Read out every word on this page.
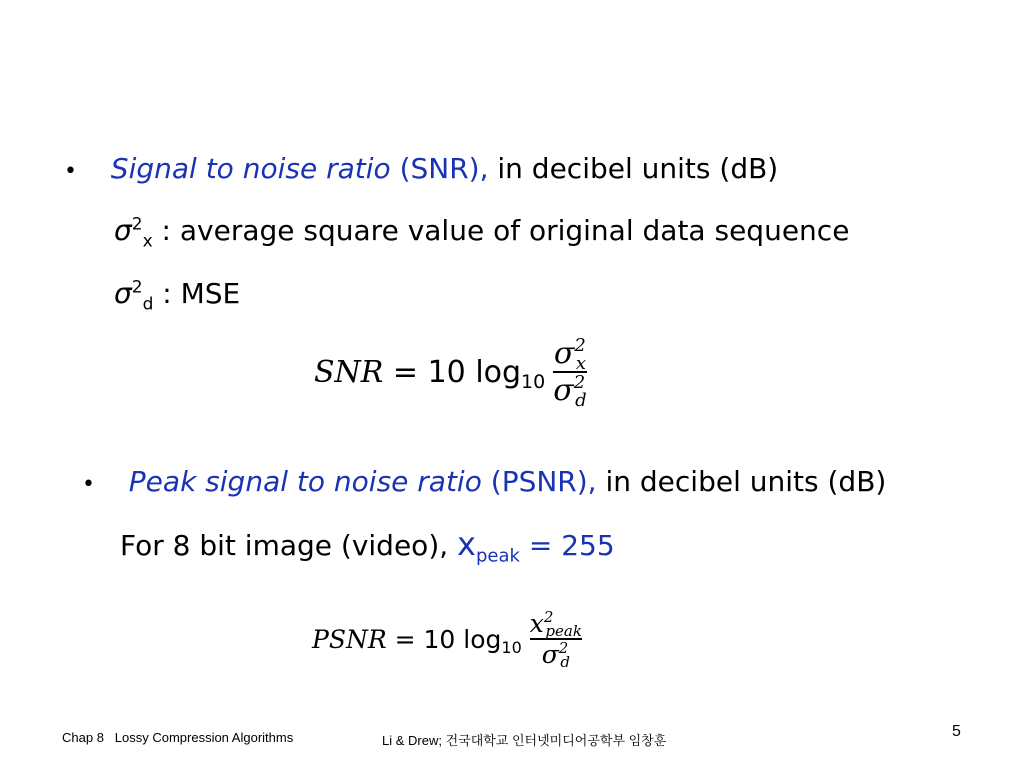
• Signal to noise ratio (SNR), in decibel units (dB)
$\sigma^2_x$ : average square value of original data sequence
$\sigma^2_d$ : MSE
SNR = 10 $\log 10 \frac{\sigma^2_x}{\sigma^2_d}$
• Peak signal to noise ratio (PSNR), in decibel units (dB)
For 8 bit image (video), $x_{peak} = 255$
PSNR = 10 $\log 10 \frac{x^2peak}{\sigma^2d}$
Chap 8   Lossy Compression Algorithms	Li & Drew; 건국대학교 인터넷미디어공학부 임창훈
5
